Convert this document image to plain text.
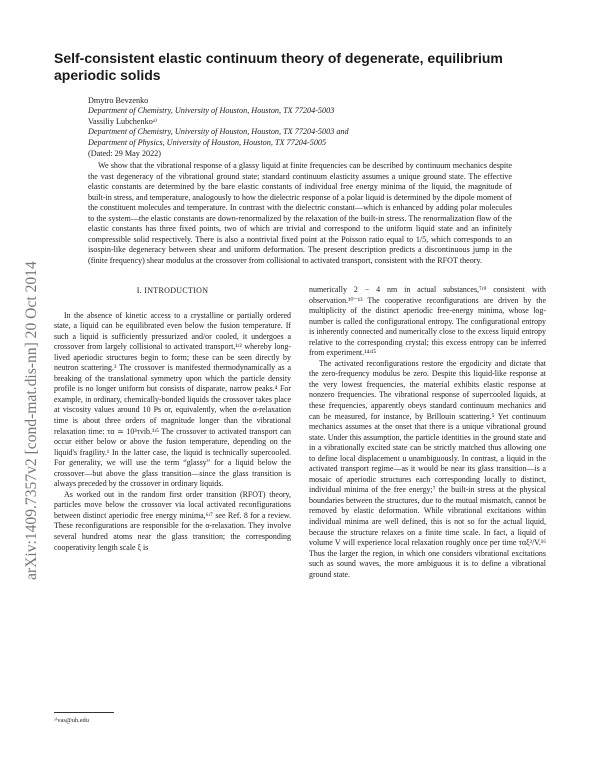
arXiv:1409.7357v2 [cond-mat.dis-nn] 20 Oct 2014
Self-consistent elastic continuum theory of degenerate, equilibrium aperiodic solids
Dmytro Bevzenko
Department of Chemistry, University of Houston, Houston, TX 77204-5003
Vassiliy Lubchenkoᵃ⁾
Department of Chemistry, University of Houston, Houston, TX 77204-5003 and
Department of Physics, University of Houston, Houston, TX 77204-5005
(Dated: 29 May 2022)

We show that the vibrational response of a glassy liquid at finite frequencies can be described by continuum mechanics despite the vast degeneracy of the vibrational ground state; standard continuum elasticity assumes a unique ground state. The effective elastic constants are determined by the bare elastic constants of individual free energy minima of the liquid, the magnitude of built-in stress, and temperature, analogously to how the dielectric response of a polar liquid is determined by the dipole moment of the constituent molecules and temperature. In contrast with the dielectric constant—which is enhanced by adding polar molecules to the system—the elastic constants are down-renormalized by the relaxation of the built-in stress. The renormalization flow of the elastic constants has three fixed points, two of which are trivial and correspond to the uniform liquid state and an infinitely compressible solid respectively. There is also a nontrivial fixed point at the Poisson ratio equal to 1/5, which corresponds to an isospin-like degeneracy between shear and uniform deformation. The present description predicts a discontinuous jump in the (finite frequency) shear modulus at the crossover from collisional to activated transport, consistent with the RFOT theory.

I. INTRODUCTION

In the absence of kinetic access to a crystalline or partially ordered state, a liquid can be equilibrated even below the fusion temperature. If such a liquid is sufficiently pressurized and/or cooled, it undergoes a crossover from largely collisional to activated transport,¹ʴ² whereby long-lived aperiodic structures begin to form; these can be seen directly by neutron scattering.³ The crossover is manifested thermodynamically as a breaking of the translational symmetry upon which the particle density profile is no longer uniform but consists of disparate, narrow peaks.⁴ For example, in ordinary, chemically-bonded liquids the crossover takes place at viscosity values around 10 Ps or, equivalently, when the α-relaxation time is about three orders of magnitude longer than the vibrational relaxation time: τα ≃ 10³τvib.¹ʴ⁵ The crossover to activated transport can occur either below or above the fusion temperature, depending on the liquid's fragility.¹ In the latter case, the liquid is technically supercooled. For generality, we will use the term “glassy” for a liquid below the crossover—but above the glass transition—since the glass transition is always preceded by the crossover in ordinary liquids.

As worked out in the random first order transition (RFOT) theory, particles move below the crossover via local activated reconfigurations between distinct aperiodic free energy minima,⁶ʴ⁷ see Ref. 8 for a review. These reconfigurations are responsible for the α-relaxation. They involve several hundred atoms near the glass transition; the corresponding cooperativity length scale ξ is

numerically 2 − 4 nm in actual substances,⁷ʴ⁹ consistent with observation.¹⁰⁻¹³ The cooperative reconfigurations are driven by the multiplicity of the distinct aperiodic free-energy minima, whose log-number is called the configurational entropy. The configurational entropy is inherently connected and numerically close to the excess liquid entropy relative to the corresponding crystal; this excess entropy can be inferred from experiment.¹⁴ʴ¹⁵

The activated reconfigurations restore the ergodicity and dictate that the zero-frequency modulus be zero. Despite this liquid-like response at the very lowest frequencies, the material exhibits elastic response at nonzero frequencies. The vibrational response of supercooled liquids, at these frequencies, apparently obeys standard continuum mechanics and can be measured, for instance, by Brillouin scattering.⁵ Yet continuum mechanics assumes at the onset that there is a unique vibrational ground state. Under this assumption, the particle identities in the ground state and in a vibrationally excited state can be strictly matched thus allowing one to define local displacement u unambiguously. In contrast, a liquid in the activated transport regime—as it would be near its glass transition—is a mosaic of aperiodic structures each corresponding locally to distinct, individual minima of the free energy;⁷ the built-in stress at the physical boundaries between the structures, due to the mutual mismatch, cannot be removed by elastic deformation. While vibrational excitations within individual minima are well defined, this is not so for the actual liquid, because the structure relaxes on a finite time scale. In fact, a liquid of volume V will experience local relaxation roughly once per time ταξ³/V.¹⁶ Thus the larger the region, in which one considers vibrational excitations such as sound waves, the more ambiguous it is to define a vibrational ground state.

ᵃ⁾vas@uh.edu
